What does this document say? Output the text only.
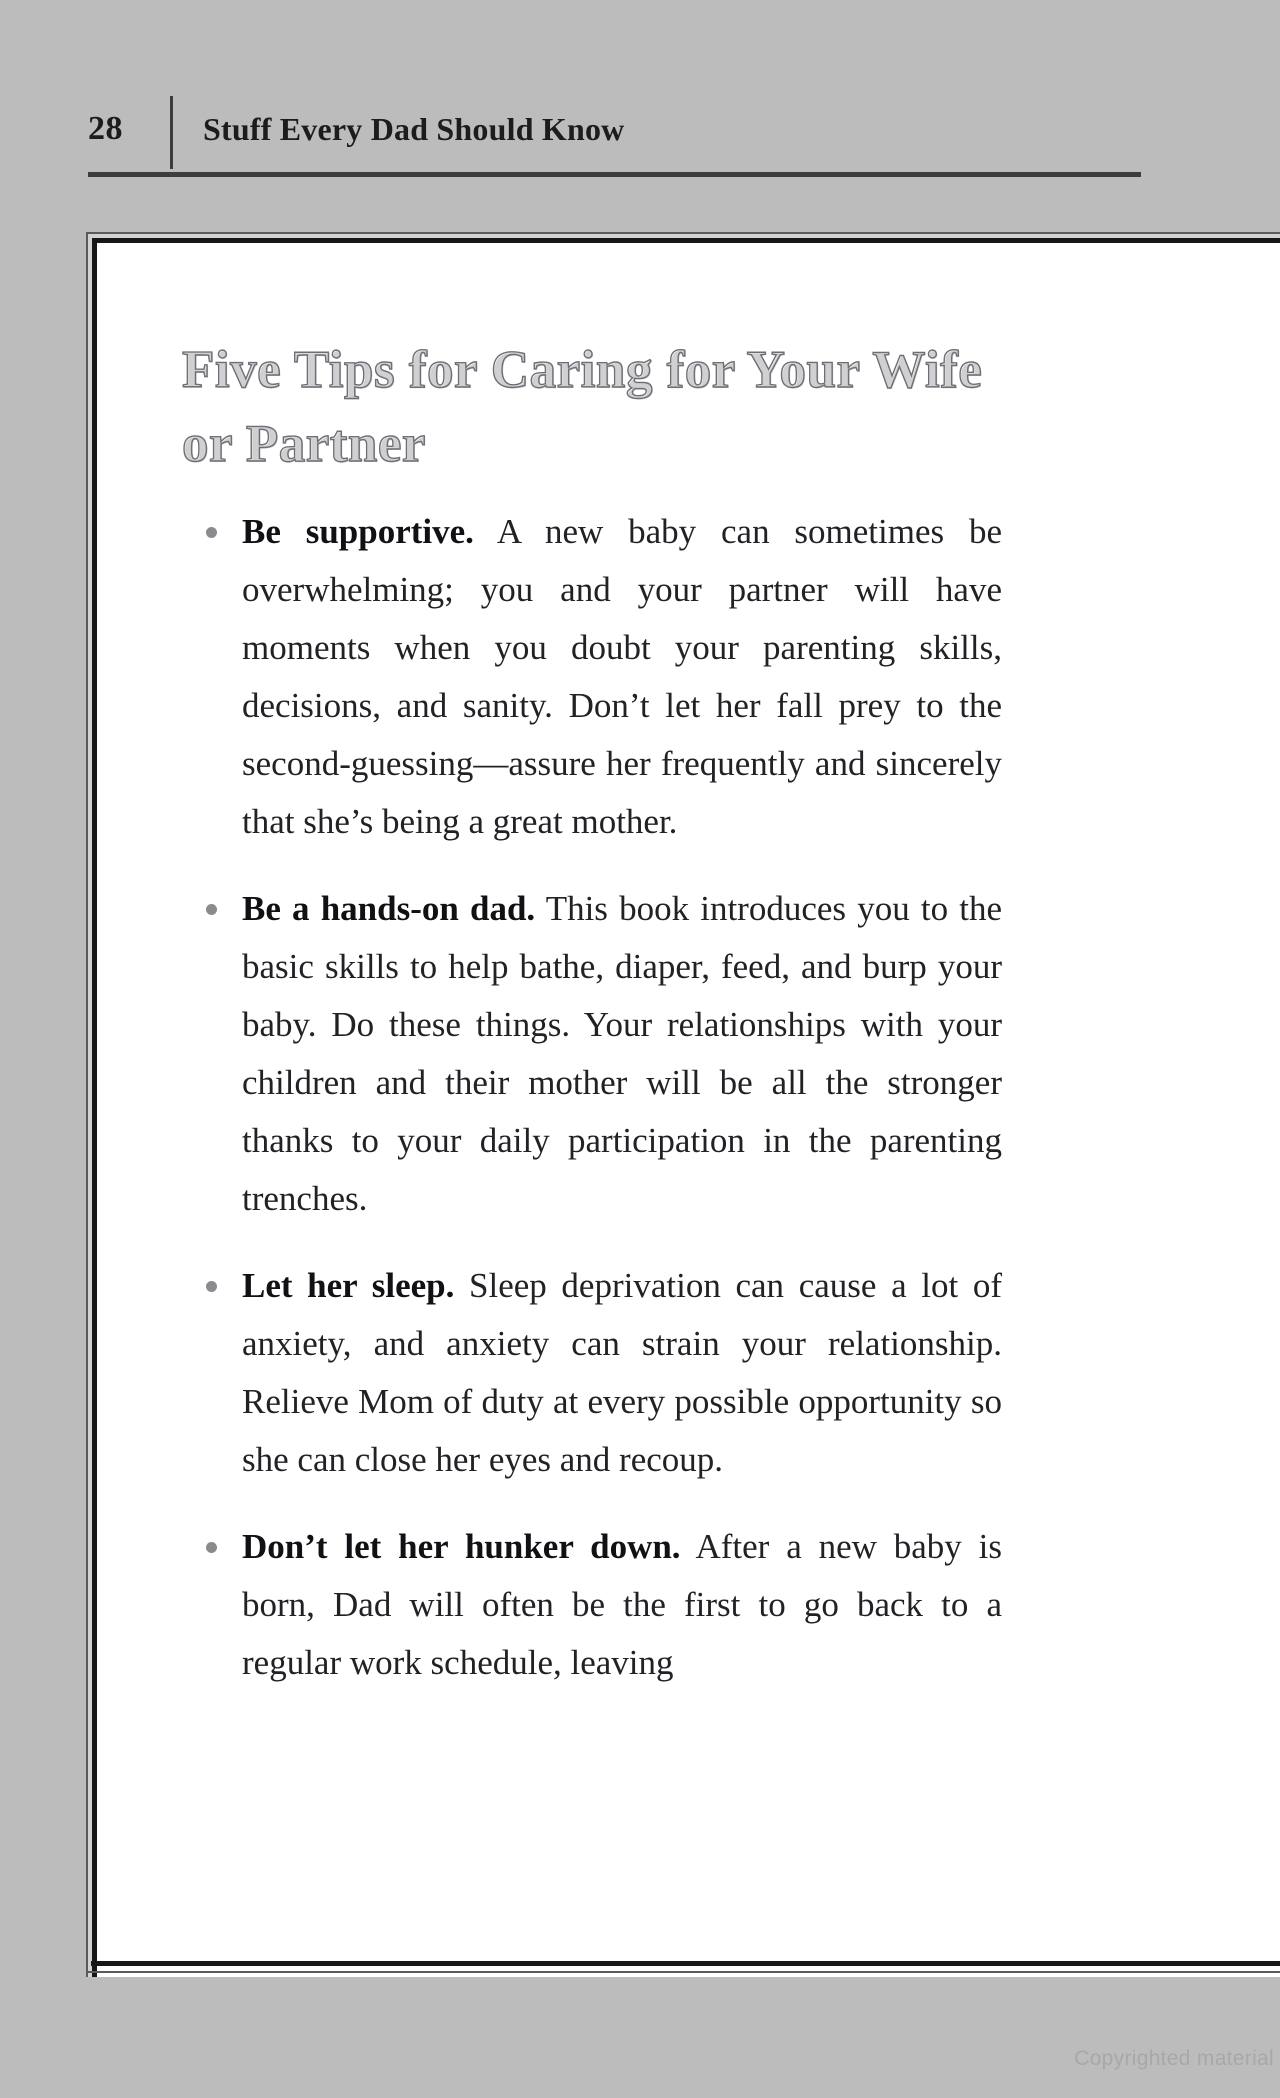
28	Stuff Every Dad Should Know
Five Tips for Caring for Your Wife or Partner
Be supportive. A new baby can sometimes be overwhelming; you and your partner will have moments when you doubt your parenting skills, decisions, and sanity. Don’t let her fall prey to the second-guessing—assure her frequently and sincerely that she’s being a great mother.
Be a hands-on dad. This book introduces you to the basic skills to help bathe, diaper, feed, and burp your baby. Do these things. Your relationships with your children and their mother will be all the stronger thanks to your daily participation in the parenting trenches.
Let her sleep. Sleep deprivation can cause a lot of anxiety, and anxiety can strain your relationship. Relieve Mom of duty at every possible opportunity so she can close her eyes and recoup.
Don’t let her hunker down. After a new baby is born, Dad will often be the first to go back to a regular work schedule, leaving
Copyrighted material
